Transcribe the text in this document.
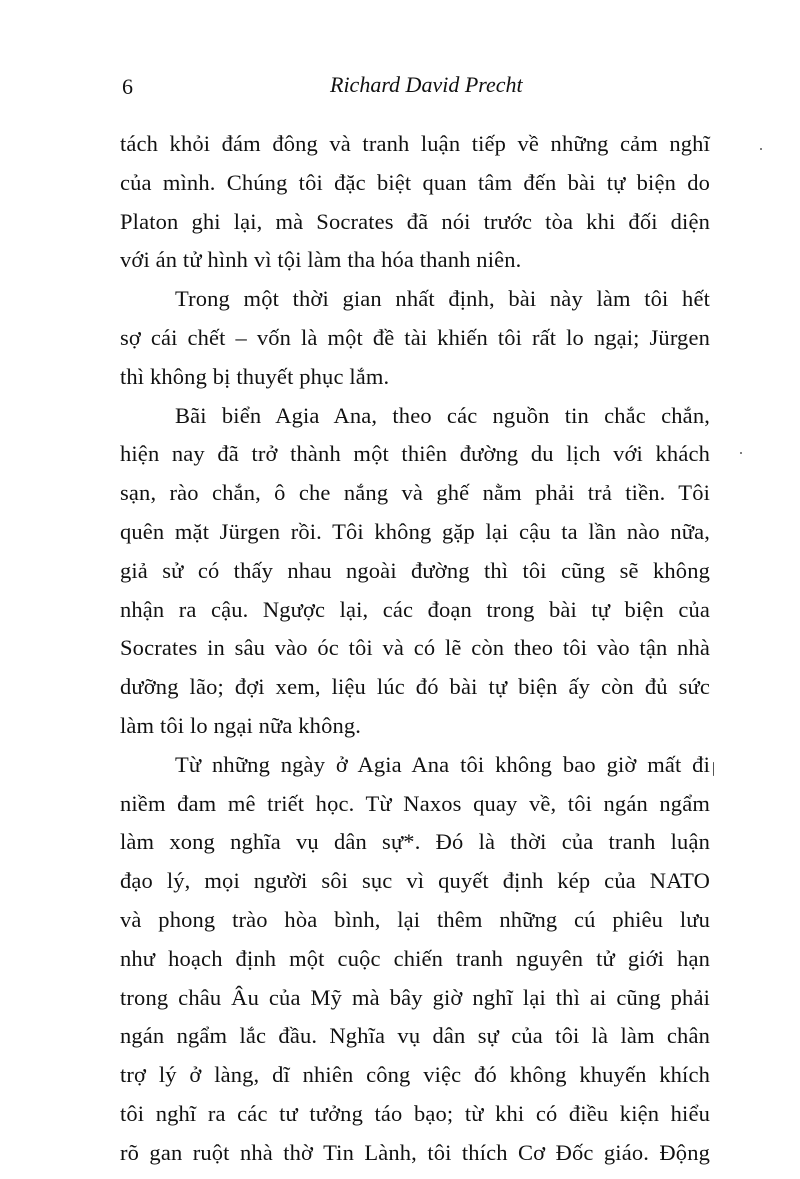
6	Richard David Precht
tách khỏi đám đông và tranh luận tiếp về những cảm nghĩ
của mình. Chúng tôi đặc biệt quan tâm đến bài tự biện do
Platon ghi lại, mà Socrates đã nói trước tòa khi đối diện
với án tử hình vì tội làm tha hóa thanh niên.
Trong một thời gian nhất định, bài này làm tôi hết
sợ cái chết – vốn là một đề tài khiến tôi rất lo ngại; Jürgen
thì không bị thuyết phục lắm.
Bãi biển Agia Ana, theo các nguồn tin chắc chắn,
hiện nay đã trở thành một thiên đường du lịch với khách
sạn, rào chắn, ô che nắng và ghế nằm phải trả tiền. Tôi
quên mặt Jürgen rồi. Tôi không gặp lại cậu ta lần nào nữa,
giả sử có thấy nhau ngoài đường thì tôi cũng sẽ không
nhận ra cậu. Ngược lại, các đoạn trong bài tự biện của
Socrates in sâu vào óc tôi và có lẽ còn theo tôi vào tận nhà
dưỡng lão; đợi xem, liệu lúc đó bài tự biện ấy còn đủ sức
làm tôi lo ngại nữa không.
Từ những ngày ở Agia Ana tôi không bao giờ mất đi
niềm đam mê triết học. Từ Naxos quay về, tôi ngán ngẩm
làm xong nghĩa vụ dân sự*. Đó là thời của tranh luận
đạo lý, mọi người sôi sục vì quyết định kép của NATO
và phong trào hòa bình, lại thêm những cú phiêu lưu
như hoạch định một cuộc chiến tranh nguyên tử giới hạn
trong châu Âu của Mỹ mà bây giờ nghĩ lại thì ai cũng phải
ngán ngẩm lắc đầu. Nghĩa vụ dân sự của tôi là làm chân
trợ lý ở làng, dĩ nhiên công việc đó không khuyến khích
tôi nghĩ ra các tư tưởng táo bạo; từ khi có điều kiện hiểu
rõ gan ruột nhà thờ Tin Lành, tôi thích Cơ Đốc giáo. Động
